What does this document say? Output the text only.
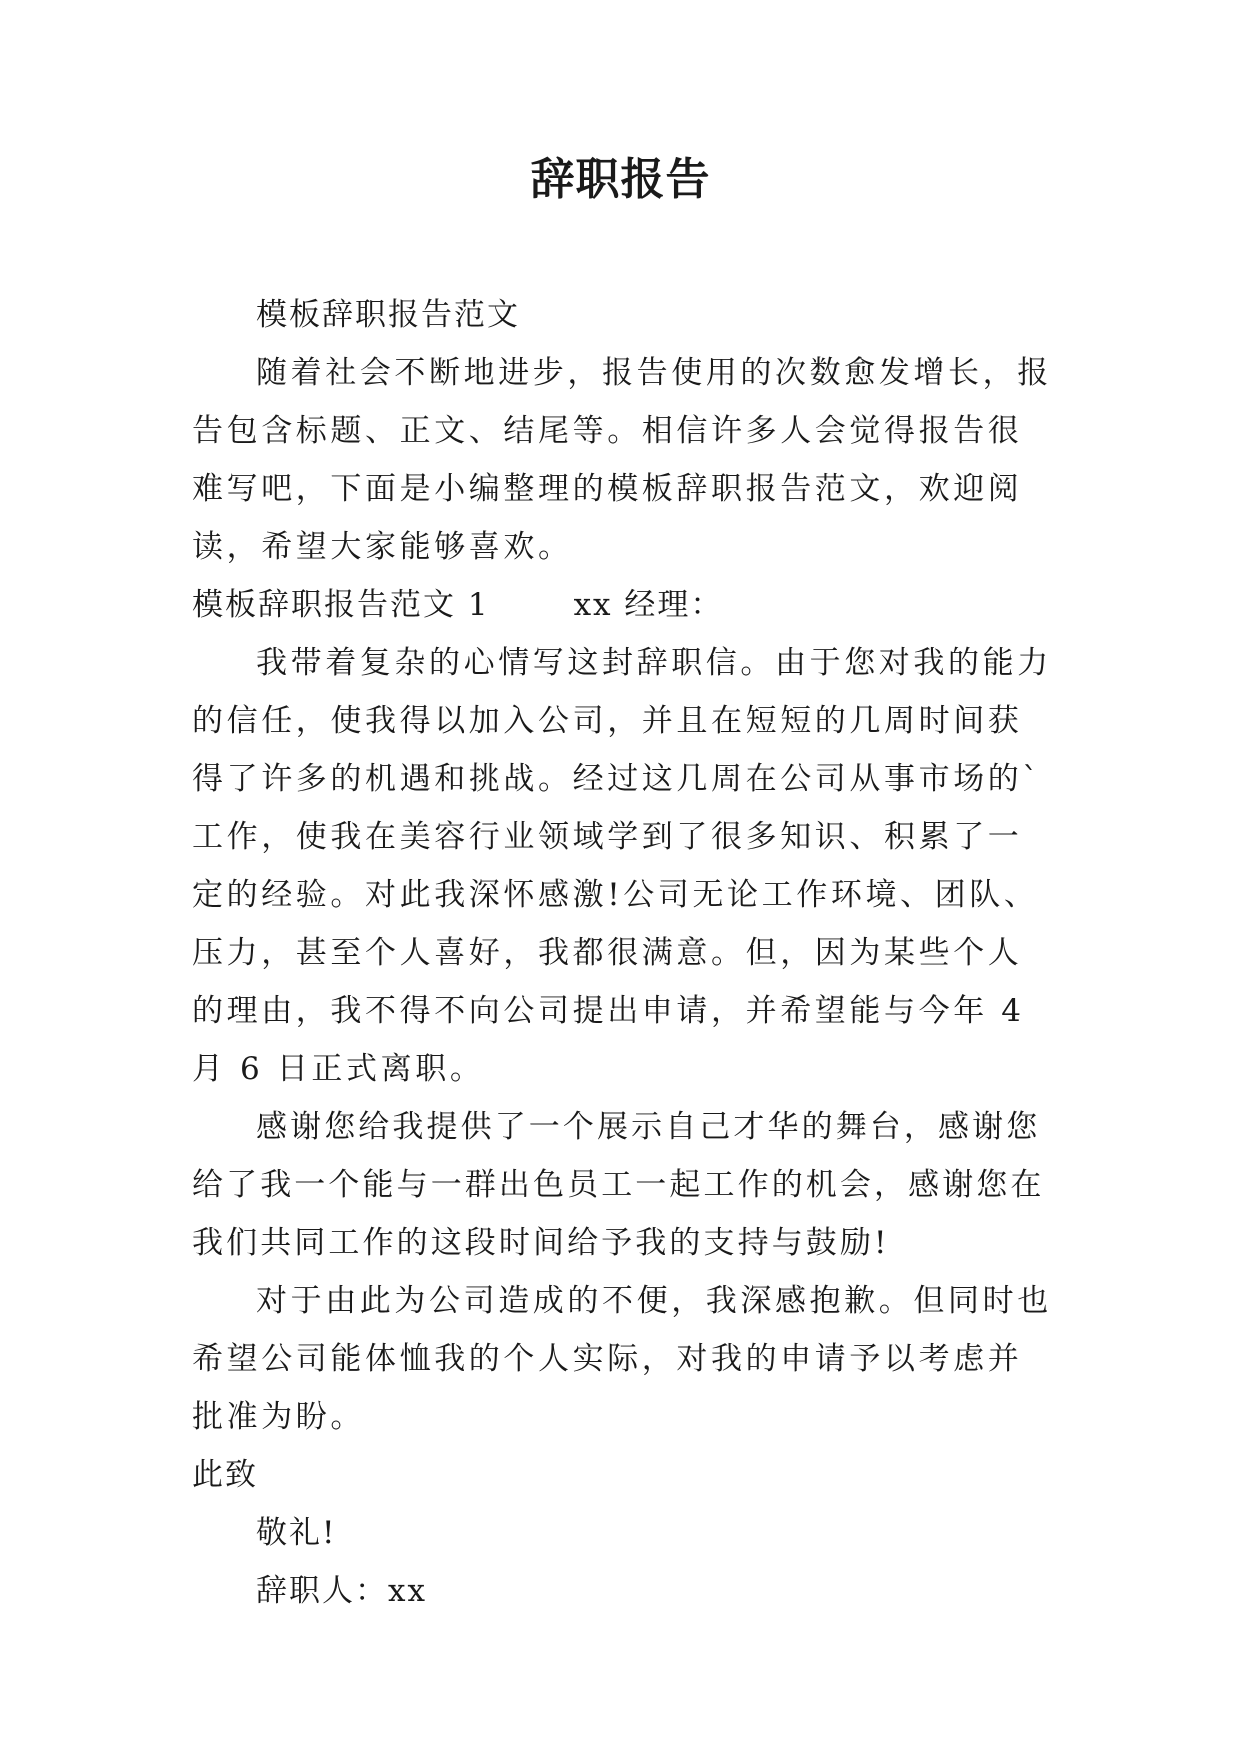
辞职报告

模板辞职报告范文

随着社会不断地进步，报告使用的次数愈发增长，报告包含标题、正文、结尾等。相信许多人会觉得报告很难写吧，下面是小编整理的模板辞职报告范文，欢迎阅读，希望大家能够喜欢。

模板辞职报告范文 1	xx 经理：

我带着复杂的心情写这封辞职信。由于您对我的能力的信任，使我得以加入公司，并且在短短的几周时间获得了许多的机遇和挑战。经过这几周在公司从事市场的`工作，使我在美容行业领域学到了很多知识、积累了一定的经验。对此我深怀感激!公司无论工作环境、团队、压力，甚至个人喜好，我都很满意。但，因为某些个人的理由，我不得不向公司提出申请，并希望能与今年 4 月 6 日正式离职。

感谢您给我提供了一个展示自己才华的舞台，感谢您给了我一个能与一群出色员工一起工作的机会，感谢您在我们共同工作的这段时间给予我的支持与鼓励!

对于由此为公司造成的不便，我深感抱歉。但同时也希望公司能体恤我的个人实际，对我的申请予以考虑并批准为盼。

此致

敬礼!

辞职人：xx
